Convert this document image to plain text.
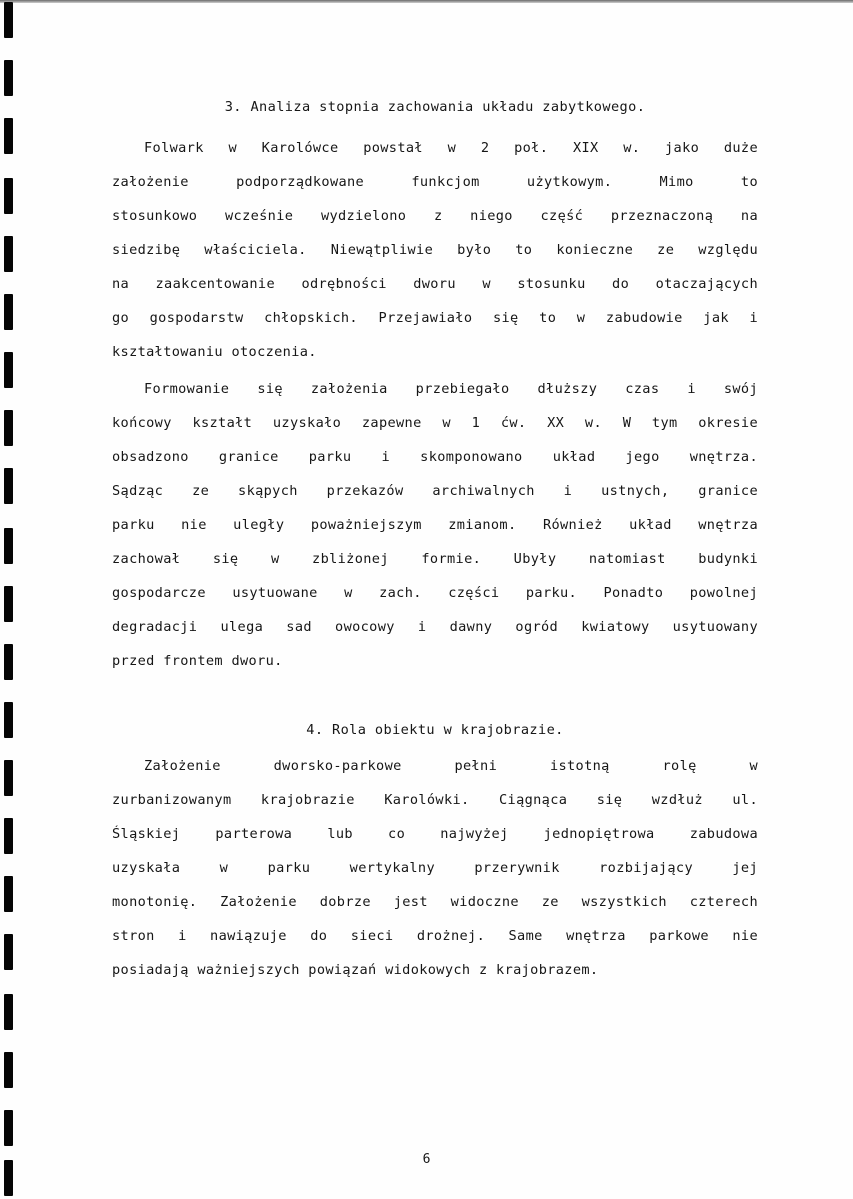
3. Analiza stopnia zachowania układu zabytkowego.
Folwark w Karolówce powstał w 2 poł. XIX w. jako duże
założenie podporządkowane funkcjom użytkowym. Mimo to
stosunkowo wcześnie wydzielono z niego część przeznaczoną na
siedzibę właściciela. Niewątpliwie było to konieczne ze względu
na zaakcentowanie odrębności dworu w stosunku do otaczających
go gospodarstw chłopskich. Przejawiało się to w zabudowie jak i
kształtowaniu otoczenia.
Formowanie się założenia przebiegało dłuższy czas i swój
końcowy kształt uzyskało zapewne w 1 ćw. XX w. W tym okresie
obsadzono granice parku i skomponowano układ jego wnętrza.
Sądząc ze skąpych przekazów archiwalnych i ustnych, granice
parku nie uległy poważniejszym zmianom. Również układ wnętrza
zachował się w zbliżonej formie. Ubyły natomiast budynki
gospodarcze usytuowane w zach. części parku. Ponadto powolnej
degradacji ulega sad owocowy i dawny ogród kwiatowy usytuowany
przed frontem dworu.
4. Rola obiektu w krajobrazie.
Założenie dworsko-parkowe pełni istotną rolę w
zurbanizowanym krajobrazie Karolówki. Ciągnąca się wzdłuż ul.
Śląskiej parterowa lub co najwyżej jednopiętrowa zabudowa
uzyskała w parku wertykalny przerywnik rozbijający jej
monotonię. Założenie dobrze jest widoczne ze wszystkich czterech
stron i nawiązuje do sieci drożnej. Same wnętrza parkowe nie
posiadają ważniejszych powiązań widokowych z krajobrazem.
6
